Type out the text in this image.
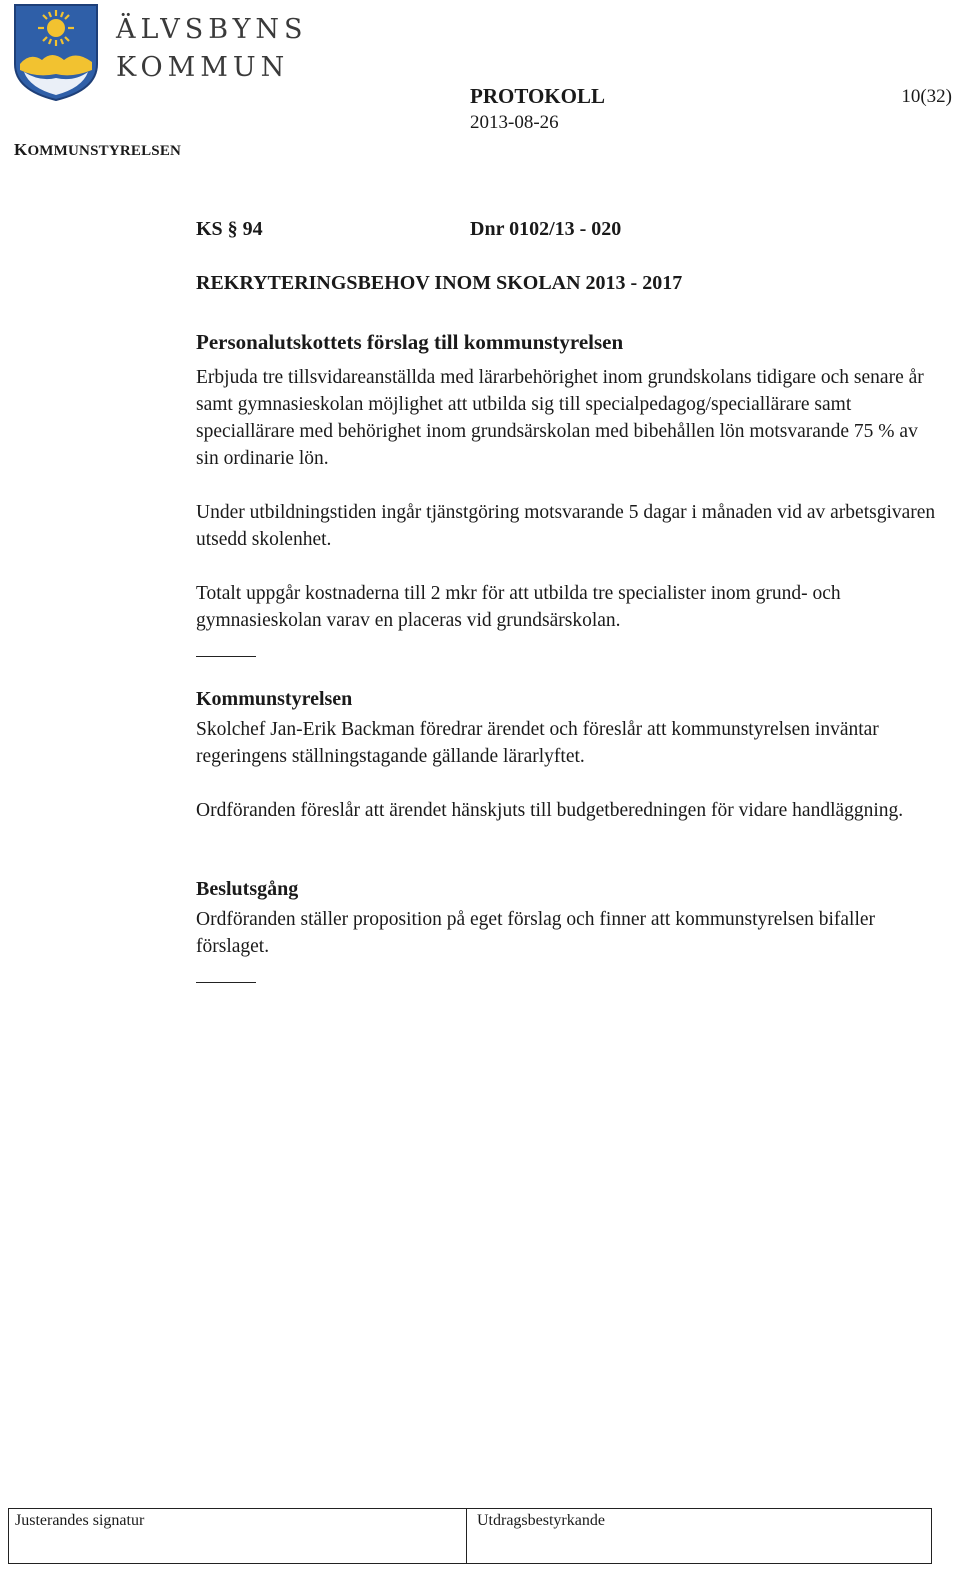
ÄLVSBYNS
KOMMUN
KOMMUNSTYRELSEN
PROTOKOLL
2013-08-26
10(32)
KS § 94	Dnr 0102/13 - 020
REKRYTERINGSBEHOV INOM SKOLAN 2013 - 2017
Personalutskottets förslag till kommunstyrelsen

Erbjuda tre tillsvidareanställda med lärarbehörighet inom grundskolans tidigare och senare år samt gymnasieskolan möjlighet att utbilda sig till specialpedagog/speciallärare samt speciallärare med behörighet inom grundsärskolan med bibehållen lön motsvarande 75 % av sin ordinarie lön.

Under utbildningstiden ingår tjänstgöring motsvarande 5 dagar i månaden vid av arbetsgivaren utsedd skolenhet.

Totalt uppgår kostnaderna till 2 mkr för att utbilda tre specialister inom grund- och gymnasieskolan varav en placeras vid grundsärskolan.

Kommunstyrelsen

Skolchef Jan-Erik Backman föredrar ärendet och föreslår att kommunstyrelsen inväntar regeringens ställningstagande gällande lärarlyftet.

Ordföranden föreslår att ärendet hänskjuts till budgetberedningen för vidare handläggning.

Beslutsgång

Ordföranden ställer proposition på eget förslag och finner att kommunstyrelsen bifaller förslaget.

Justerandes signatur	Utdragsbestyrkande
